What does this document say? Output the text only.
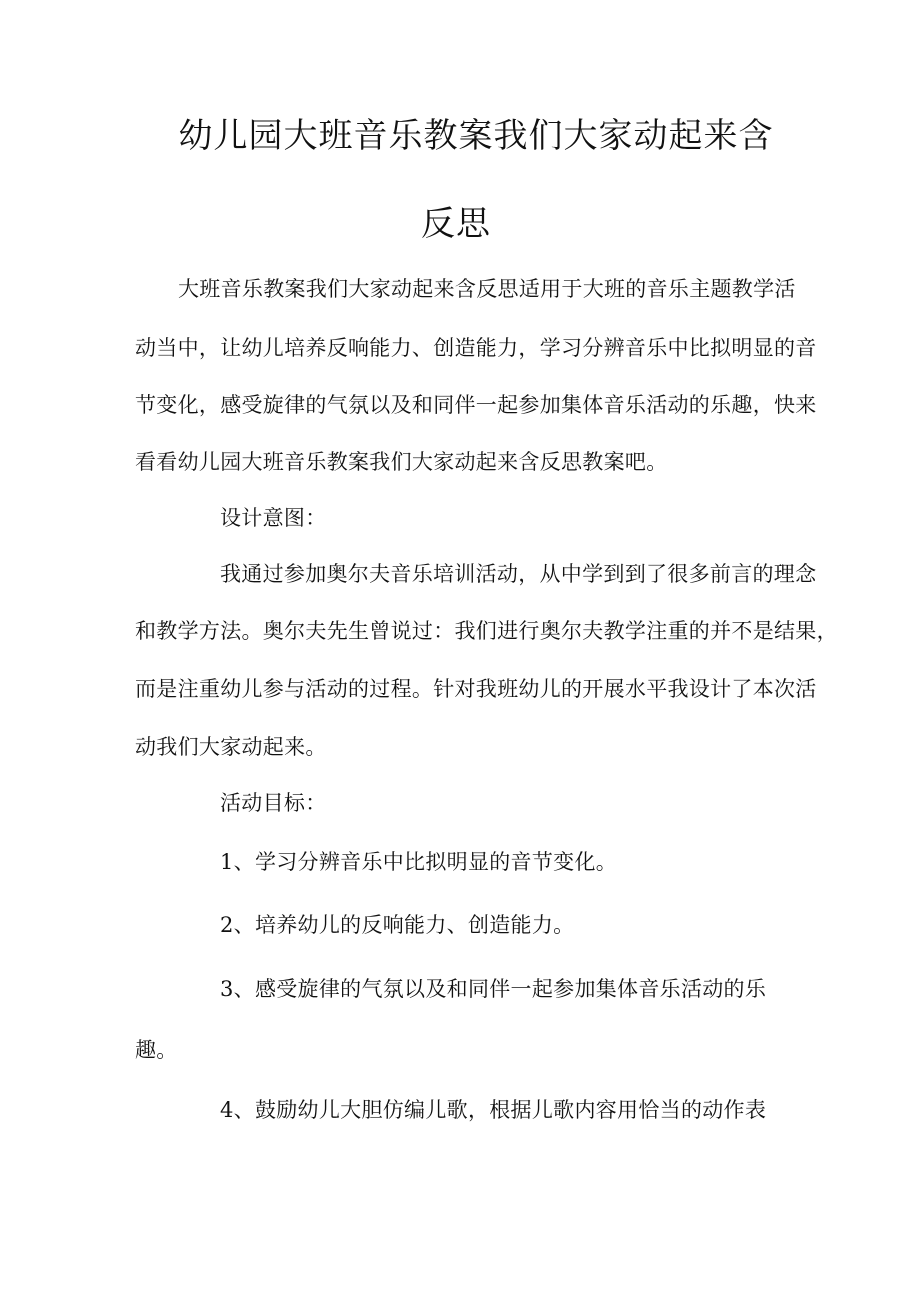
幼儿园大班音乐教案我们大家动起来含
反思
大班音乐教案我们大家动起来含反思适用于大班的音乐主题教学活
动当中，让幼儿培养反响能力、创造能力，学习分辨音乐中比拟明显的音
节变化，感受旋律的气氛以及和同伴一起参加集体音乐活动的乐趣，快来
看看幼儿园大班音乐教案我们大家动起来含反思教案吧。
设计意图：
我通过参加奥尔夫音乐培训活动，从中学到到了很多前言的理念
和教学方法。奥尔夫先生曾说过：我们进行奥尔夫教学注重的并不是结果，
而是注重幼儿参与活动的过程。针对我班幼儿的开展水平我设计了本次活
动我们大家动起来。
活动目标：
1、学习分辨音乐中比拟明显的音节变化。
2、培养幼儿的反响能力、创造能力。
3、感受旋律的气氛以及和同伴一起参加集体音乐活动的乐
趣。
4、鼓励幼儿大胆仿编儿歌，根据儿歌内容用恰当的动作表
